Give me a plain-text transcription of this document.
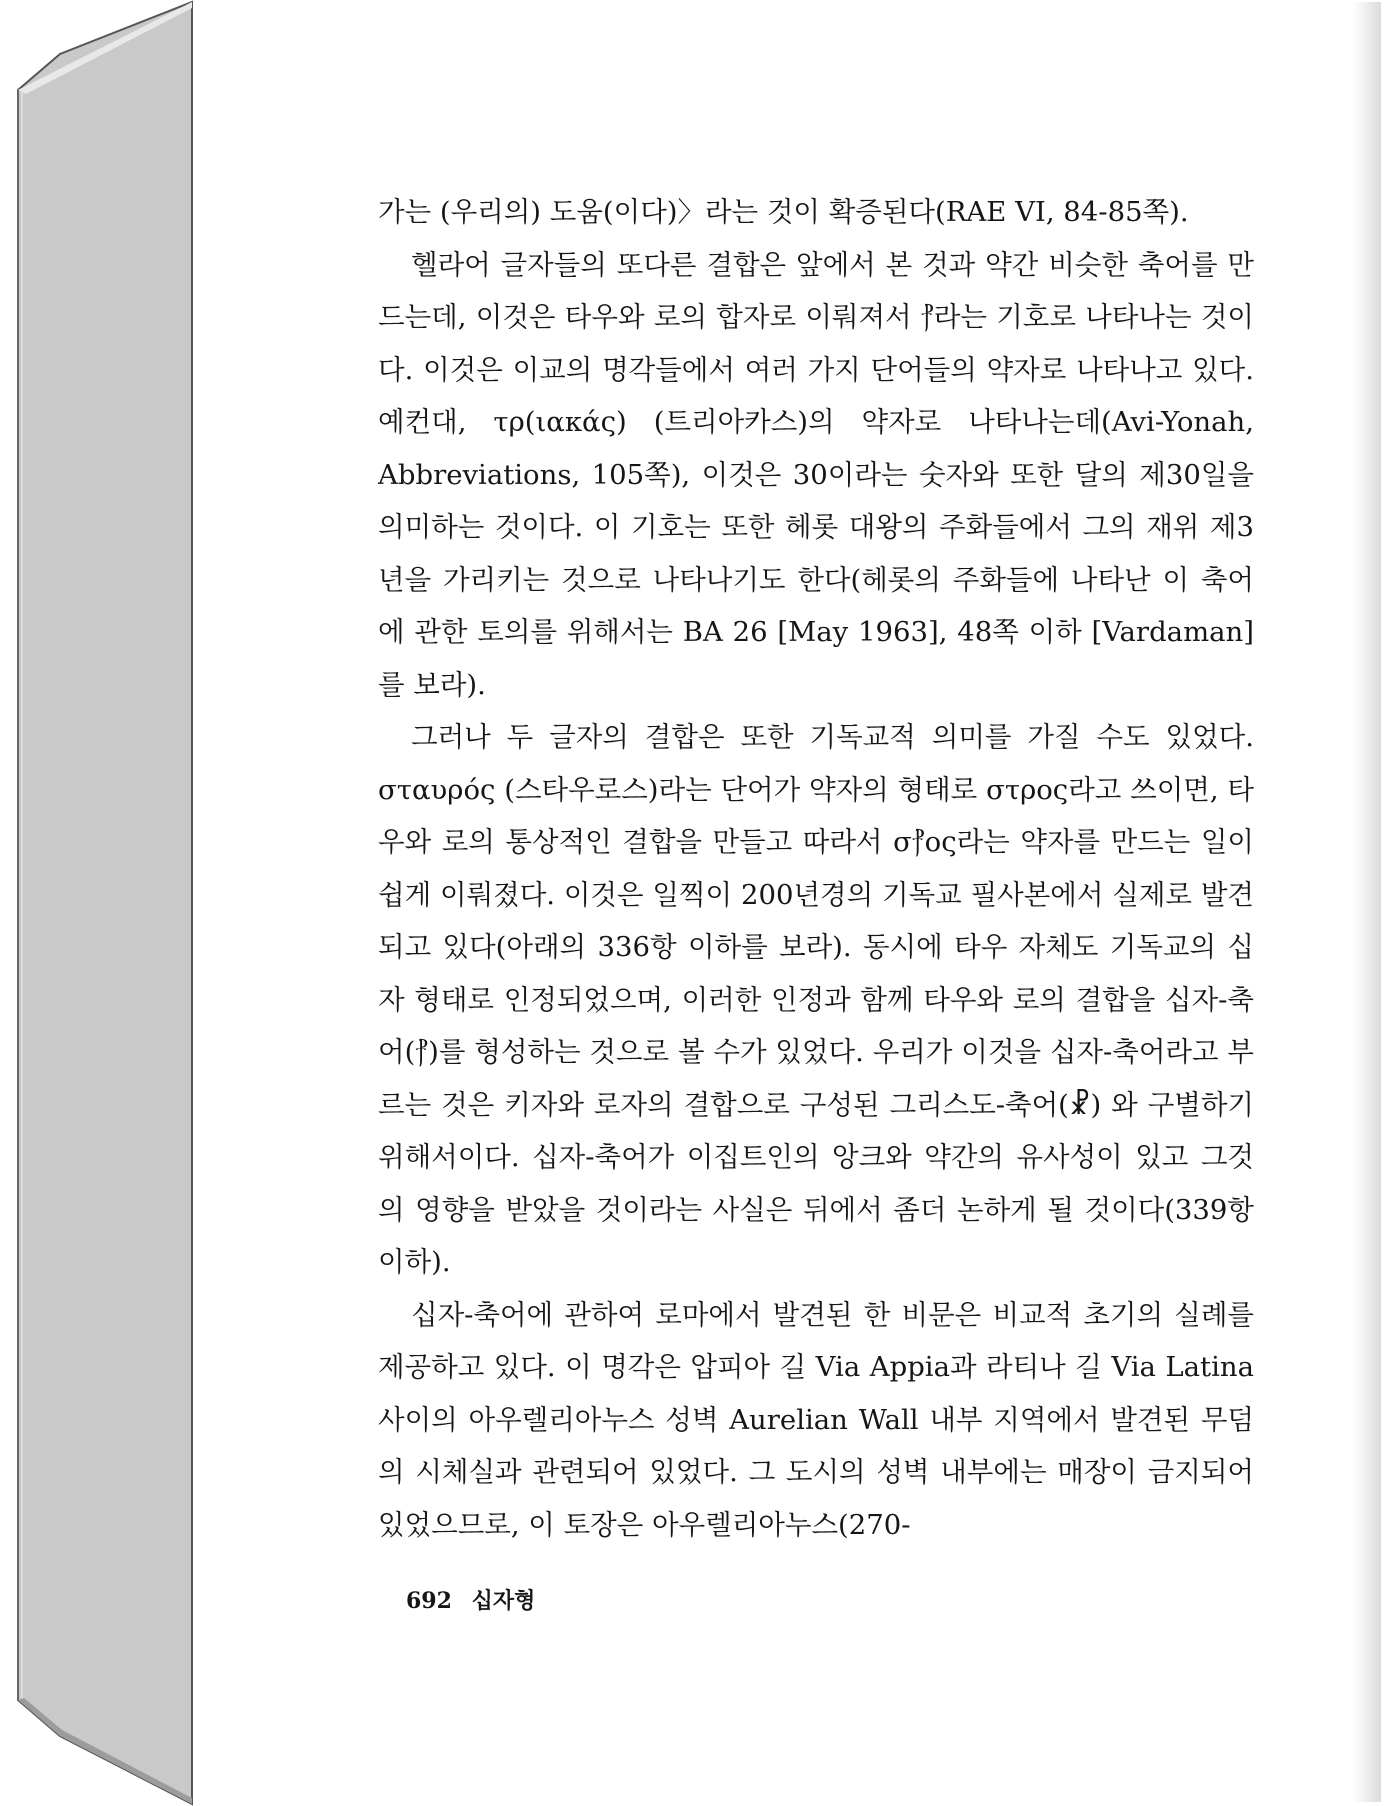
가는 (우리의) 도움(이다)〉라는 것이 확증된다(RAE VI, 84-85쪽).

헬라어 글자들의 또다른 결합은 앞에서 본 것과 약간 비슷한 축어를 만드는데, 이것은 타우와 로의 합자로 이뤄져서 ⳨라는 기호로 나타나는 것이다. 이것은 이교의 명각들에서 여러 가지 단어들의 약자로 나타나고 있다. 예컨대, τρ(ιακάς) (트리아카스)의 약자로 나타나는데(Avi-Yonah, Abbreviations, 105쪽), 이것은 30이라는 숫자와 또한 달의 제30일을 의미하는 것이다. 이 기호는 또한 헤롯 대왕의 주화들에서 그의 재위 제3년을 가리키는 것으로 나타나기도 한다(헤롯의 주화들에 나타난 이 축어에 관한 토의를 위해서는 BA 26 [May 1963], 48쪽 이하 [Vardaman]를 보라).

그러나 두 글자의 결합은 또한 기독교적 의미를 가질 수도 있었다. σταυρός (스타우로스)라는 단어가 약자의 형태로 στρος라고 쓰이면, 타우와 로의 통상적인 결합을 만들고 따라서 σ⳨ος라는 약자를 만드는 일이 쉽게 이뤄졌다. 이것은 일찍이 200년경의 기독교 필사본에서 실제로 발견되고 있다(아래의 336항 이하를 보라). 동시에 타우 자체도 기독교의 십자 형태로 인정되었으며, 이러한 인정과 함께 타우와 로의 결합을 십자-축어(⳨)를 형성하는 것으로 볼 수가 있었다. 우리가 이것을 십자-축어라고 부르는 것은 키자와 로자의 결합으로 구성된 그리스도-축어(☧) 와 구별하기 위해서이다. 십자-축어가 이집트인의 앙크와 약간의 유사성이 있고 그것의 영향을 받았을 것이라는 사실은 뒤에서 좀더 논하게 될 것이다(339항 이하).

십자-축어에 관하여 로마에서 발견된 한 비문은 비교적 초기의 실례를 제공하고 있다. 이 명각은 압피아 길 Via Appia과 라티나 길 Via Latina 사이의 아우렐리아누스 성벽 Aurelian Wall 내부 지역에서 발견된 무덤의 시체실과 관련되어 있었다. 그 도시의 성벽 내부에는 매장이 금지되어 있었으므로, 이 토장은 아우렐리아누스(270-

692 십자형
